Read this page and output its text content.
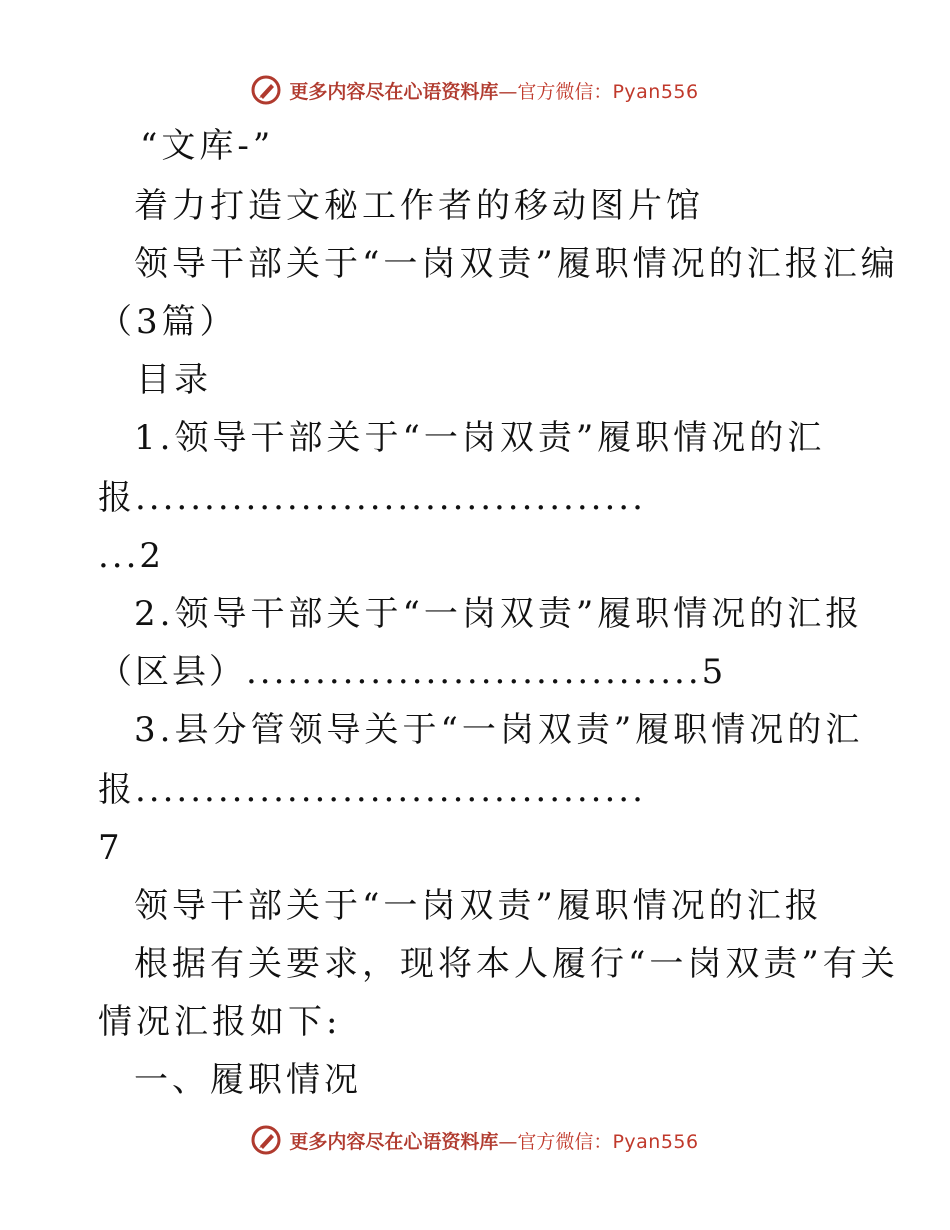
更多内容尽在心语资料库—官方微信：Pyan556
“文库-”
着力打造文秘工作者的移动图片馆
领导干部关于“一岗双责”履职情况的汇报汇编
（3篇）
目录
1.领导干部关于“一岗双责”履职情况的汇
报.....................................
...2
2.领导干部关于“一岗双责”履职情况的汇报
（区县）.................................5
3.县分管领导关于“一岗双责”履职情况的汇
报.....................................
7
领导干部关于“一岗双责”履职情况的汇报
根据有关要求，现将本人履行“一岗双责”有关
情况汇报如下:
一、履职情况
更多内容尽在心语资料库—官方微信：Pyan556
